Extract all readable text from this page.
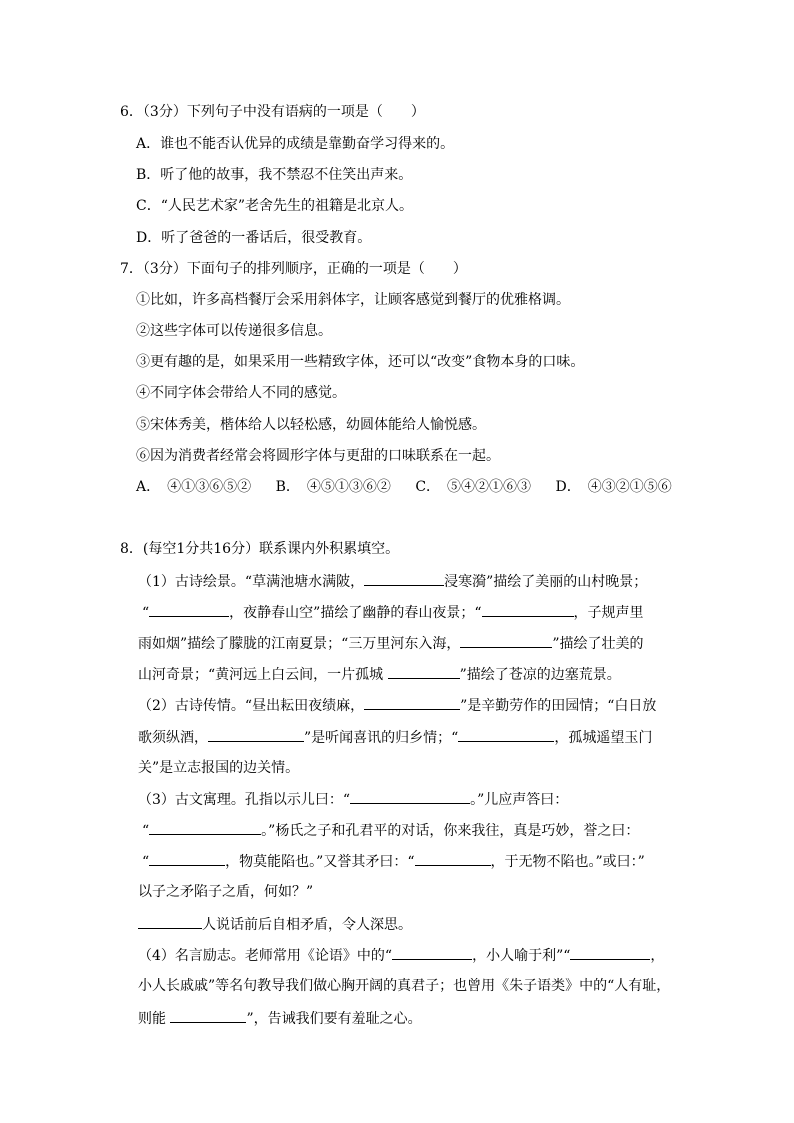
6．（3分）下列句子中没有语病的一项是（　　）
A．谁也不能否认优异的成绩是靠勤奋学习得来的。
B．听了他的故事，我不禁忍不住笑出声来。
C．“人民艺术家”老舍先生的祖籍是北京人。
D．听了爸爸的一番话后，很受教育。
7．（3分）下面句子的排列顺序，正确的一项是（　　）
①比如，许多高档餐厅会采用斜体字，让顾客感觉到餐厅的优雅格调。
②这些字体可以传递很多信息。
③更有趣的是，如果采用一些精致字体，还可以“改变”食物本身的口味。
④不同字体会带给人不同的感觉。
⑤宋体秀美，楷体给人以轻松感，幼圆体能给人愉悦感。
⑥因为消费者经常会将圆形字体与更甜的口味联系在一起。
A．　④①③⑥⑤② B．　④⑤①③⑥② C．　⑤④②①⑥③ D．　④③②①⑤⑥
8．(每空1分共16分）联系课内外积累填空。
（1）古诗绘景。“草满池塘水满陂，	浸寒漪”描绘了美丽的山村晚景；
“	，夜静春山空”描绘了幽静的春山夜景；“	，子规声里
雨如烟”描绘了朦胧的江南夏景；“三万里河东入海，	”描绘了壮美的
山河奇景；“黄河远上白云间，一片孤城	”描绘了苍凉的边塞荒景。
（2）古诗传情。“昼出耘田夜绩麻，	”是辛勤劳作的田园情；“白日放
歌须纵酒，	”是听闻喜讯的归乡情；“	，孤城遥望玉门
关”是立志报国的边关情。
（3）古文寓理。孔指以示儿曰：“	。”儿应声答曰：
“	。”杨氏之子和孔君平的对话，你来我往，真是巧妙，誉之曰：
“	，物莫能陷也。”又誉其矛曰：“	，于无物不陷也。”或曰：”
以子之矛陷子之盾，何如？”
人说话前后自相矛盾，令人深思。
（4）名言励志。老师常用《论语》中的“	，小人喻于利”“	，
小人长戚戚”等名句教导我们做心胸开阔的真君子；也曾用《朱子语类》中的“人有耻，
则能	”，告诫我们要有羞耻之心。
